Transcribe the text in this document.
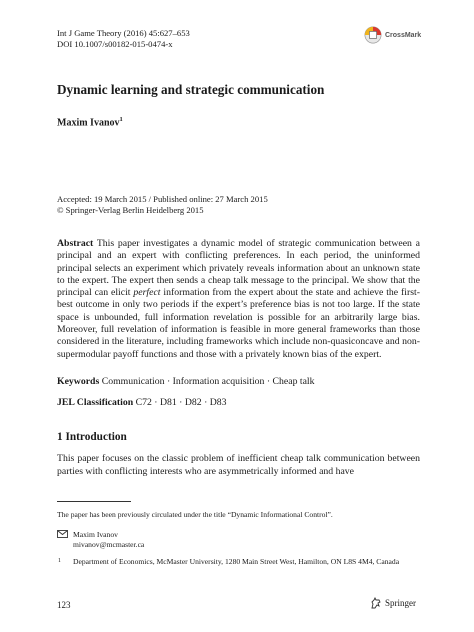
Int J Game Theory (2016) 45:627–653
DOI 10.1007/s00182-015-0474-x
CrossMark
Dynamic learning and strategic communication
Maxim Ivanov$^1$
Accepted: 19 March 2015 / Published online: 27 March 2015
© Springer-Verlag Berlin Heidelberg 2015
Abstract This paper investigates a dynamic model of strategic communication between a principal and an expert with conflicting preferences. In each period, the uninformed principal selects an experiment which privately reveals information about an unknown state to the expert. The expert then sends a cheap talk message to the principal. We show that the principal can elicit perfect information from the expert about the state and achieve the first-best outcome in only two periods if the expert’s preference bias is not too large. If the state space is unbounded, full information revelation is possible for an arbitrarily large bias. Moreover, full revelation of information is feasible in more general frameworks than those considered in the literature, including frameworks which include non-quasiconcave and non-supermodular payoff functions and those with a privately known bias of the expert.
Keywords Communication · Information acquisition · Cheap talk
JEL Classification C72 · D81 · D82 · D83
1 Introduction
This paper focuses on the classic problem of inefficient cheap talk communication between parties with conflicting interests who are asymmetrically informed and have
The paper has been previously circulated under the title “Dynamic Informational Control”.
Maxim Ivanov
mivanov@mcmaster.ca
1 Department of Economics, McMaster University, 1280 Main Street West, Hamilton, ON L8S 4M4, Canada
123	Springer
